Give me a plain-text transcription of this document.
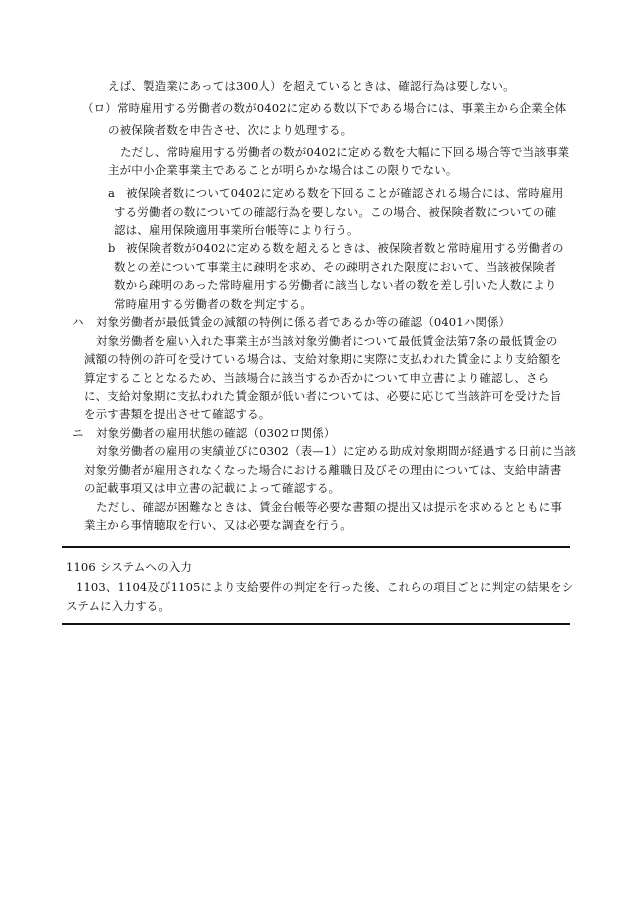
えば、製造業にあっては300人）を超えているときは、確認行為は要しない。
（ロ） 常時雇用する労働者の数が0402に定める数以下である場合には、事業主から企業全体
の被保険者数を申告させ、次により処理する。
ただし、常時雇用する労働者の数が0402に定める数を大幅に下回る場合等で当該事業
主が中小企業事業主であることが明らかな場合はこの限りでない。
a 被保険者数について0402に定める数を下回ることが確認される場合には、常時雇用
する労働者の数についての確認行為を要しない。この場合、被保険者数についての確
認は、雇用保険適用事業所台帳等により行う。
b 被保険者数が0402に定める数を超えるときは、被保険者数と常時雇用する労働者の
数との差について事業主に疎明を求め、その疎明された限度において、当該被保険者
数から疎明のあった常時雇用する労働者に該当しない者の数を差し引いた人数により
常時雇用する労働者の数を判定する。
ハ 対象労働者が最低賃金の減額の特例に係る者であるか等の確認（0401ハ関係）
対象労働者を雇い入れた事業主が当該対象労働者について最低賃金法第7条の最低賃金の
減額の特例の許可を受けている場合は、支給対象期に実際に支払われた賃金により支給額を
算定することとなるため、当該場合に該当するか否かについて申立書により確認し、さら
に、支給対象期に支払われた賃金額が低い者については、必要に応じて当該許可を受けた旨
を示す書類を提出させて確認する。
ニ 対象労働者の雇用状態の確認（0302ロ関係）
対象労働者の雇用の実績並びに0302（表—1）に定める助成対象期間が経過する日前に当該
対象労働者が雇用されなくなった場合における離職日及びその理由については、支給申請書
の記載事項又は申立書の記載によって確認する。
ただし、確認が困難なときは、賃金台帳等必要な書類の提出又は提示を求めるとともに事
業主から事情聴取を行い、又は必要な調査を行う。
1106 システムへの入力
1103、1104及び1105により支給要件の判定を行った後、これらの項目ごとに判定の結果をシ
ステムに入力する。
